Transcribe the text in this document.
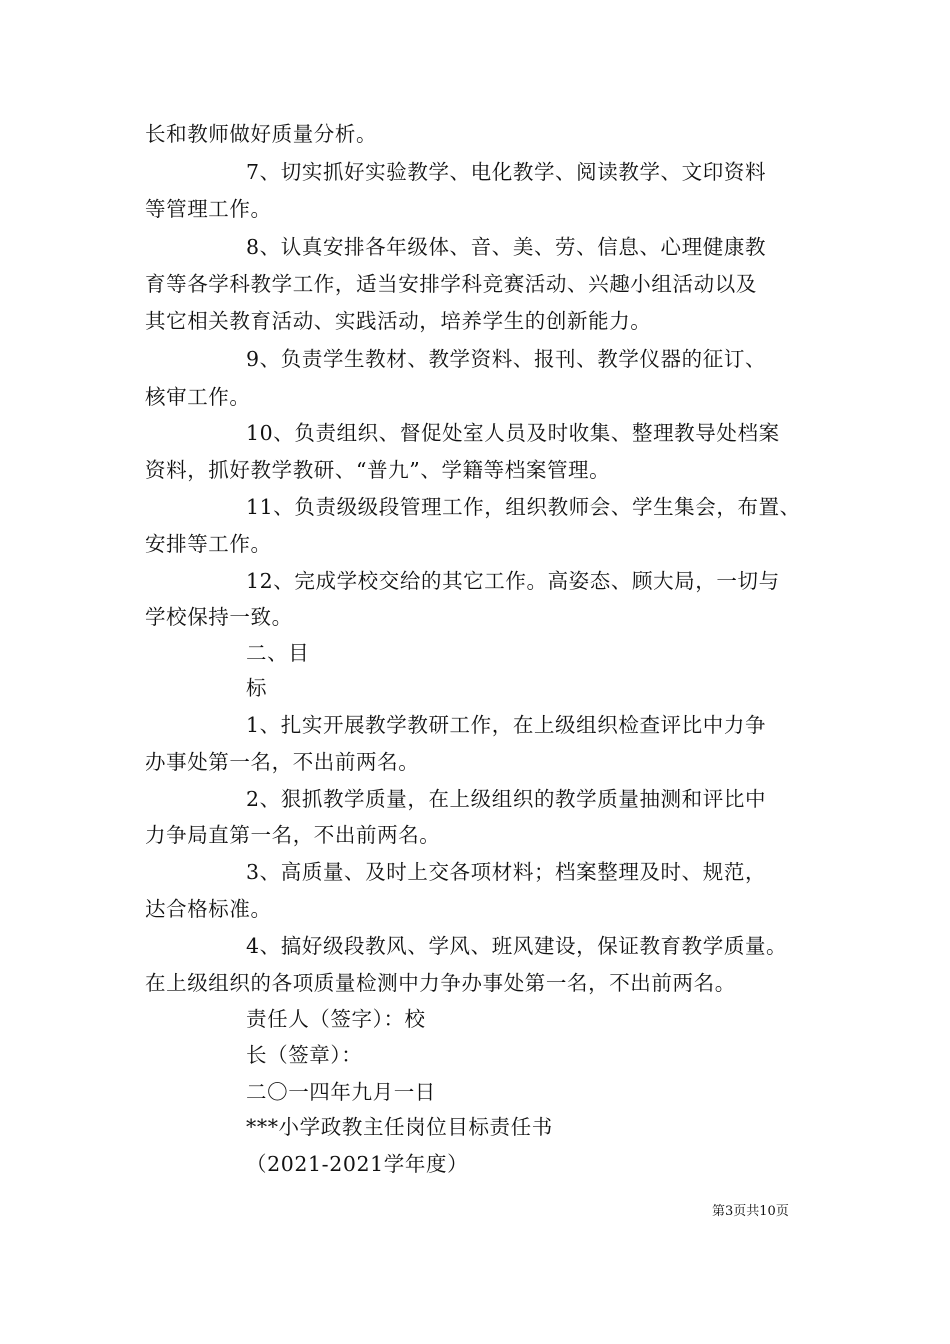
长和教师做好质量分析。
7、切实抓好实验教学、电化教学、阅读教学、文印资料
等管理工作。
8、认真安排各年级体、音、美、劳、信息、心理健康教
育等各学科教学工作，适当安排学科竞赛活动、兴趣小组活动以及
其它相关教育活动、实践活动，培养学生的创新能力。
9、负责学生教材、教学资料、报刊、教学仪器的征订、
核审工作。
10、负责组织、督促处室人员及时收集、整理教导处档案
资料，抓好教学教研、“普九”、学籍等档案管理。
11、负责级级段管理工作，组织教师会、学生集会，布置、
安排等工作。
12、完成学校交给的其它工作。高姿态、顾大局，一切与
学校保持一致。
二、目
标
1、扎实开展教学教研工作，在上级组织检查评比中力争
办事处第一名，不出前两名。
2、狠抓教学质量，在上级组织的教学质量抽测和评比中
力争局直第一名，不出前两名。
3、高质量、及时上交各项材料；档案整理及时、规范，
达合格标准。
4、搞好级段教风、学风、班风建设，保证教育教学质量。
在上级组织的各项质量检测中力争办事处第一名，不出前两名。
责任人（签字）：校
长（签章）：
二〇一四年九月一日
***小学政教主任岗位目标责任书
（2021-2021学年度）
第3页共10页
